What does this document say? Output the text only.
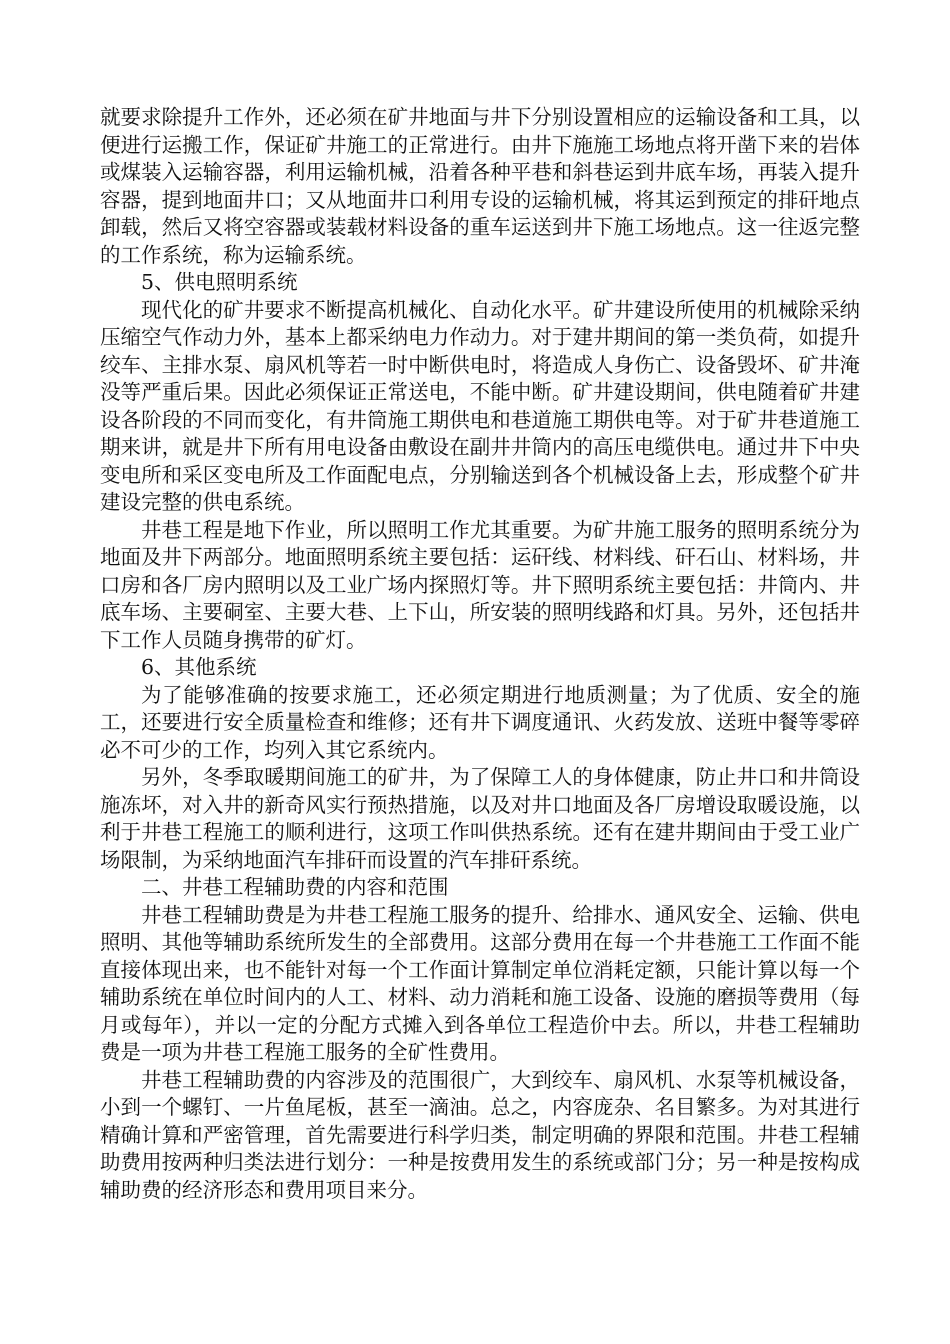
就要求除提升工作外，还必须在矿井地面与井下分别设置相应的运输设备和工具，以便进行运搬工作，保证矿井施工的正常进行。由井下施施工场地点将开凿下来的岩体或煤装入运输容器，利用运输机械，沿着各种平巷和斜巷运到井底车场，再装入提升容器，提到地面井口；又从地面井口利用专设的运输机械，将其运到预定的排矸地点卸载，然后又将空容器或装载材料设备的重车运送到井下施工场地点。这一往返完整的工作系统，称为运输系统。

5、供电照明系统

现代化的矿井要求不断提高机械化、自动化水平。矿井建设所使用的机械除采纳压缩空气作动力外，基本上都采纳电力作动力。对于建井期间的第一类负荷，如提升绞车、主排水泵、扇风机等若一时中断供电时，将造成人身伤亡、设备毁坏、矿井淹没等严重后果。因此必须保证正常送电，不能中断。矿井建设期间，供电随着矿井建设各阶段的不同而变化，有井筒施工期供电和巷道施工期供电等。对于矿井巷道施工期来讲，就是井下所有用电设备由敷设在副井井筒内的高压电缆供电。通过井下中央变电所和采区变电所及工作面配电点，分别输送到各个机械设备上去，形成整个矿井建设完整的供电系统。

井巷工程是地下作业，所以照明工作尤其重要。为矿井施工服务的照明系统分为地面及井下两部分。地面照明系统主要包括：运矸线、材料线、矸石山、材料场，井口房和各厂房内照明以及工业广场内探照灯等。井下照明系统主要包括：井筒内、井底车场、主要硐室、主要大巷、上下山，所安装的照明线路和灯具。另外，还包括井下工作人员随身携带的矿灯。

6、其他系统

为了能够准确的按要求施工，还必须定期进行地质测量；为了优质、安全的施工，还要进行安全质量检查和维修；还有井下调度通讯、火药发放、送班中餐等零碎必不可少的工作，均列入其它系统内。

另外，冬季取暖期间施工的矿井，为了保障工人的身体健康，防止井口和井筒设施冻坏，对入井的新奇风实行预热措施，以及对井口地面及各厂房增设取暖设施，以利于井巷工程施工的顺利进行，这项工作叫供热系统。还有在建井期间由于受工业广场限制，为采纳地面汽车排矸而设置的汽车排矸系统。

二、井巷工程辅助费的内容和范围

井巷工程辅助费是为井巷工程施工服务的提升、给排水、通风安全、运输、供电照明、其他等辅助系统所发生的全部费用。这部分费用在每一个井巷施工工作面不能直接体现出来，也不能针对每一个工作面计算制定单位消耗定额，只能计算以每一个辅助系统在单位时间内的人工、材料、动力消耗和施工设备、设施的磨损等费用（每月或每年），并以一定的分配方式摊入到各单位工程造价中去。所以，井巷工程辅助费是一项为井巷工程施工服务的全矿性费用。

井巷工程辅助费的内容涉及的范围很广，大到绞车、扇风机、水泵等机械设备，小到一个螺钉、一片鱼尾板，甚至一滴油。总之，内容庞杂、名目繁多。为对其进行精确计算和严密管理，首先需要进行科学归类，制定明确的界限和范围。井巷工程辅助费用按两种归类法进行划分：一种是按费用发生的系统或部门分；另一种是按构成辅助费的经济形态和费用项目来分。
